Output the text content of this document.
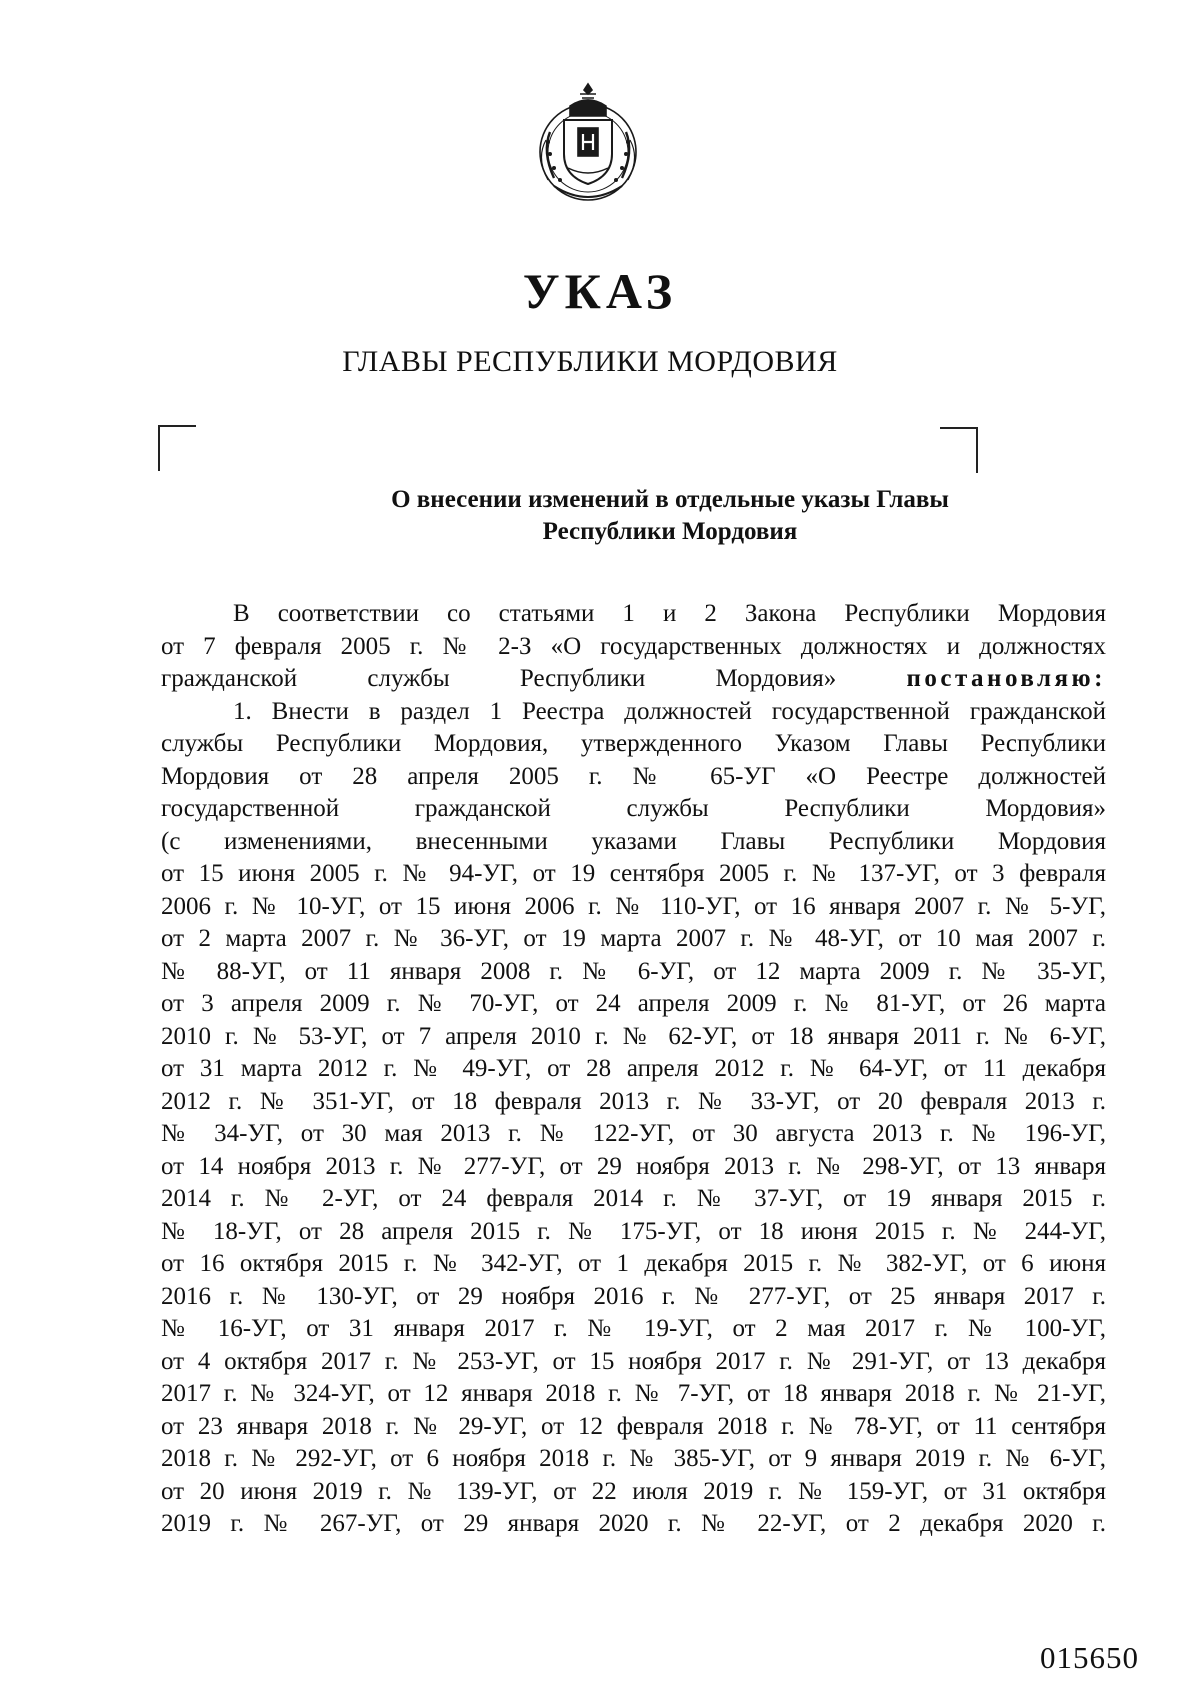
УКАЗ
ГЛАВЫ РЕСПУБЛИКИ МОРДОВИЯ
О внесении изменений в отдельные указы Главы
Республики Мордовия
В соответствии со статьями 1 и 2 Закона Республики Мордовия
от 7 февраля 2005 г. № 2-З «О государственных должностях и должностях
гражданской службы Республики Мордовия»	постановляю:
1. Внести в раздел 1 Реестра должностей государственной гражданской
службы Республики Мордовия, утвержденного Указом Главы Республики
Мордовия от 28 апреля 2005 г. № 65-УГ «О Реестре должностей
государственной гражданской службы Республики Мордовия»
(с изменениями, внесенными указами Главы Республики Мордовия
от 15 июня 2005 г. № 94-УГ, от 19 сентября 2005 г. № 137-УГ, от 3 февраля
2006 г. № 10-УГ, от 15 июня 2006 г. № 110-УГ, от 16 января 2007 г. № 5-УГ,
от 2 марта 2007 г. № 36-УГ, от 19 марта 2007 г. № 48-УГ, от 10 мая 2007 г.
№ 88-УГ, от 11 января 2008 г. № 6-УГ, от 12 марта 2009 г. № 35-УГ,
от 3 апреля 2009 г. № 70-УГ, от 24 апреля 2009 г. № 81-УГ, от 26 марта
2010 г. № 53-УГ, от 7 апреля 2010 г. № 62-УГ, от 18 января 2011 г. № 6-УГ,
от 31 марта 2012 г. № 49-УГ, от 28 апреля 2012 г. № 64-УГ, от 11 декабря
2012 г. № 351-УГ, от 18 февраля 2013 г. № 33-УГ, от 20 февраля 2013 г.
№ 34-УГ, от 30 мая 2013 г. № 122-УГ, от 30 августа 2013 г. № 196-УГ,
от 14 ноября 2013 г. № 277-УГ, от 29 ноября 2013 г. № 298-УГ, от 13 января
2014 г. № 2-УГ, от 24 февраля 2014 г. № 37-УГ, от 19 января 2015 г.
№ 18-УГ, от 28 апреля 2015 г. № 175-УГ, от 18 июня 2015 г. № 244-УГ,
от 16 октября 2015 г. № 342-УГ, от 1 декабря 2015 г. № 382-УГ, от 6 июня
2016 г. № 130-УГ, от 29 ноября 2016 г. № 277-УГ, от 25 января 2017 г.
№ 16-УГ, от 31 января 2017 г. № 19-УГ, от 2 мая 2017 г. № 100-УГ,
от 4 октября 2017 г. № 253-УГ, от 15 ноября 2017 г. № 291-УГ, от 13 декабря
2017 г. № 324-УГ, от 12 января 2018 г. № 7-УГ, от 18 января 2018 г. № 21-УГ,
от 23 января 2018 г. № 29-УГ, от 12 февраля 2018 г. № 78-УГ, от 11 сентября
2018 г. № 292-УГ, от 6 ноября 2018 г. № 385-УГ, от 9 января 2019 г. № 6-УГ,
от 20 июня 2019 г. № 139-УГ, от 22 июля 2019 г. № 159-УГ, от 31 октября
2019 г. № 267-УГ, от 29 января 2020 г. № 22-УГ, от 2 декабря 2020 г.
015650
